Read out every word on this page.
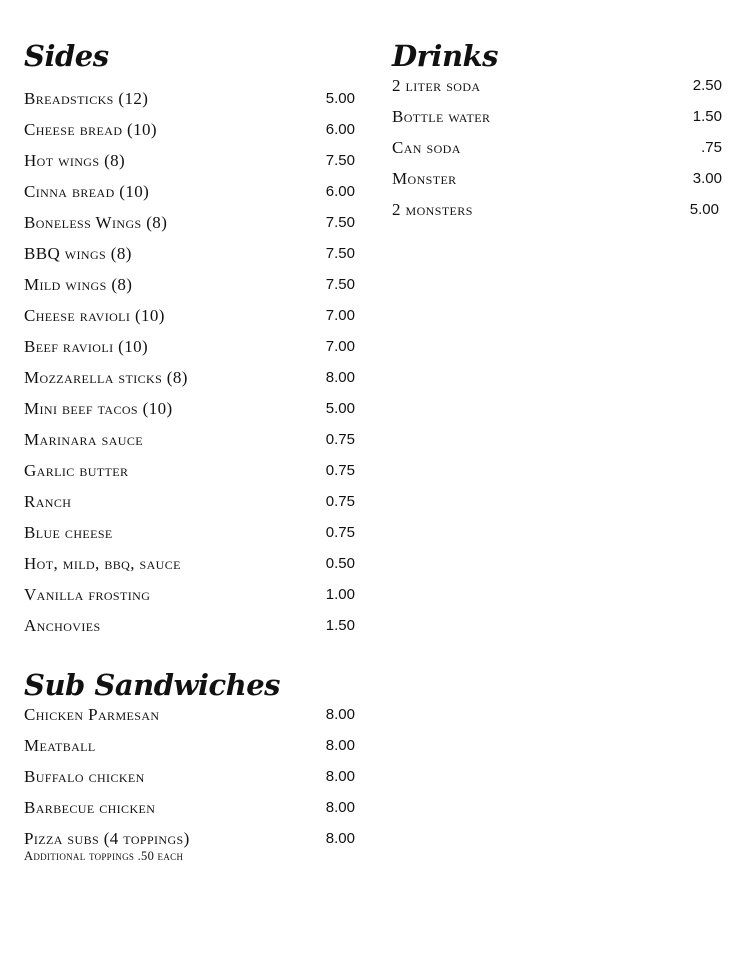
Sides
Breadsticks (12)	5.00
Cheese bread (10)	6.00
Hot wings (8)	7.50
Cinna bread (10)	6.00
Boneless Wings (8)	7.50
BBQ wings (8)	7.50
Mild wings (8)	7.50
Cheese ravioli (10)	7.00
Beef ravioli (10)	7.00
Mozzarella sticks (8)	8.00
Mini beef tacos (10)	5.00
Marinara sauce	0.75
Garlic butter	0.75
Ranch	0.75
Blue cheese	0.75
Hot, mild, bbq, sauce	0.50
Vanilla frosting	1.00
Anchovies	1.50
Sub Sandwiches
Chicken Parmesan	8.00
Meatball	8.00
Buffalo chicken	8.00
Barbecue chicken	8.00
Pizza subs (4 toppings)	8.00
Additional toppings .50 each
Drinks
2 liter soda	2.50
Bottle water	1.50
Can soda	.75
Monster	3.00
2 monsters	5.00
